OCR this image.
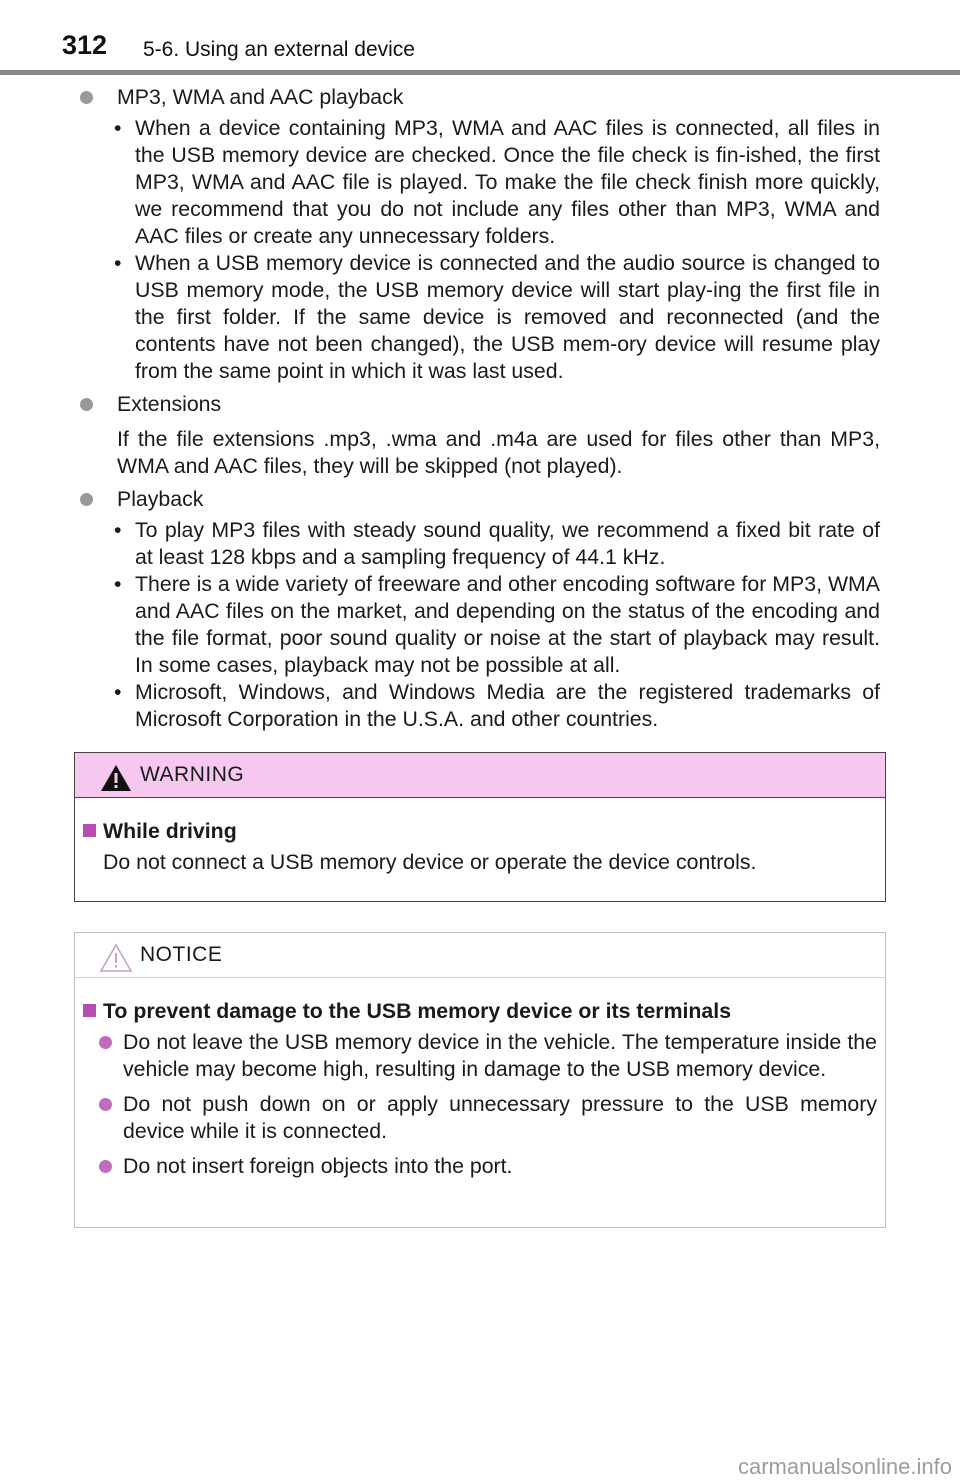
312 5-6. Using an external device

MP3, WMA and AAC playback

• When a device containing MP3, WMA and AAC files is connected, all files in the USB memory device are checked. Once the file check is fin-ished, the first MP3, WMA and AAC file is played. To make the file check finish more quickly, we recommend that you do not include any files other than MP3, WMA and AAC files or create any unnecessary folders.
• When a USB memory device is connected and the audio source is changed to USB memory mode, the USB memory device will start play-ing the first file in the first folder. If the same device is removed and reconnected (and the contents have not been changed), the USB mem-ory device will resume play from the same point in which it was last used.

Extensions

If the file extensions .mp3, .wma and .m4a are used for files other than MP3, WMA and AAC files, they will be skipped (not played).

Playback

• To play MP3 files with steady sound quality, we recommend a fixed bit rate of at least 128 kbps and a sampling frequency of 44.1 kHz.
• There is a wide variety of freeware and other encoding software for MP3, WMA and AAC files on the market, and depending on the status of the encoding and the file format, poor sound quality or noise at the start of playback may result. In some cases, playback may not be possible at all.
• Microsoft, Windows, and Windows Media are the registered trademarks of Microsoft Corporation in the U.S.A. and other countries.
WARNING
While driving
Do not connect a USB memory device or operate the device controls.
NOTICE
To prevent damage to the USB memory device or its terminals
Do not leave the USB memory device in the vehicle. The temperature inside the vehicle may become high, resulting in damage to the USB memory device.
Do not push down on or apply unnecessary pressure to the USB memory device while it is connected.
Do not insert foreign objects into the port.
carmanualsonline.info
